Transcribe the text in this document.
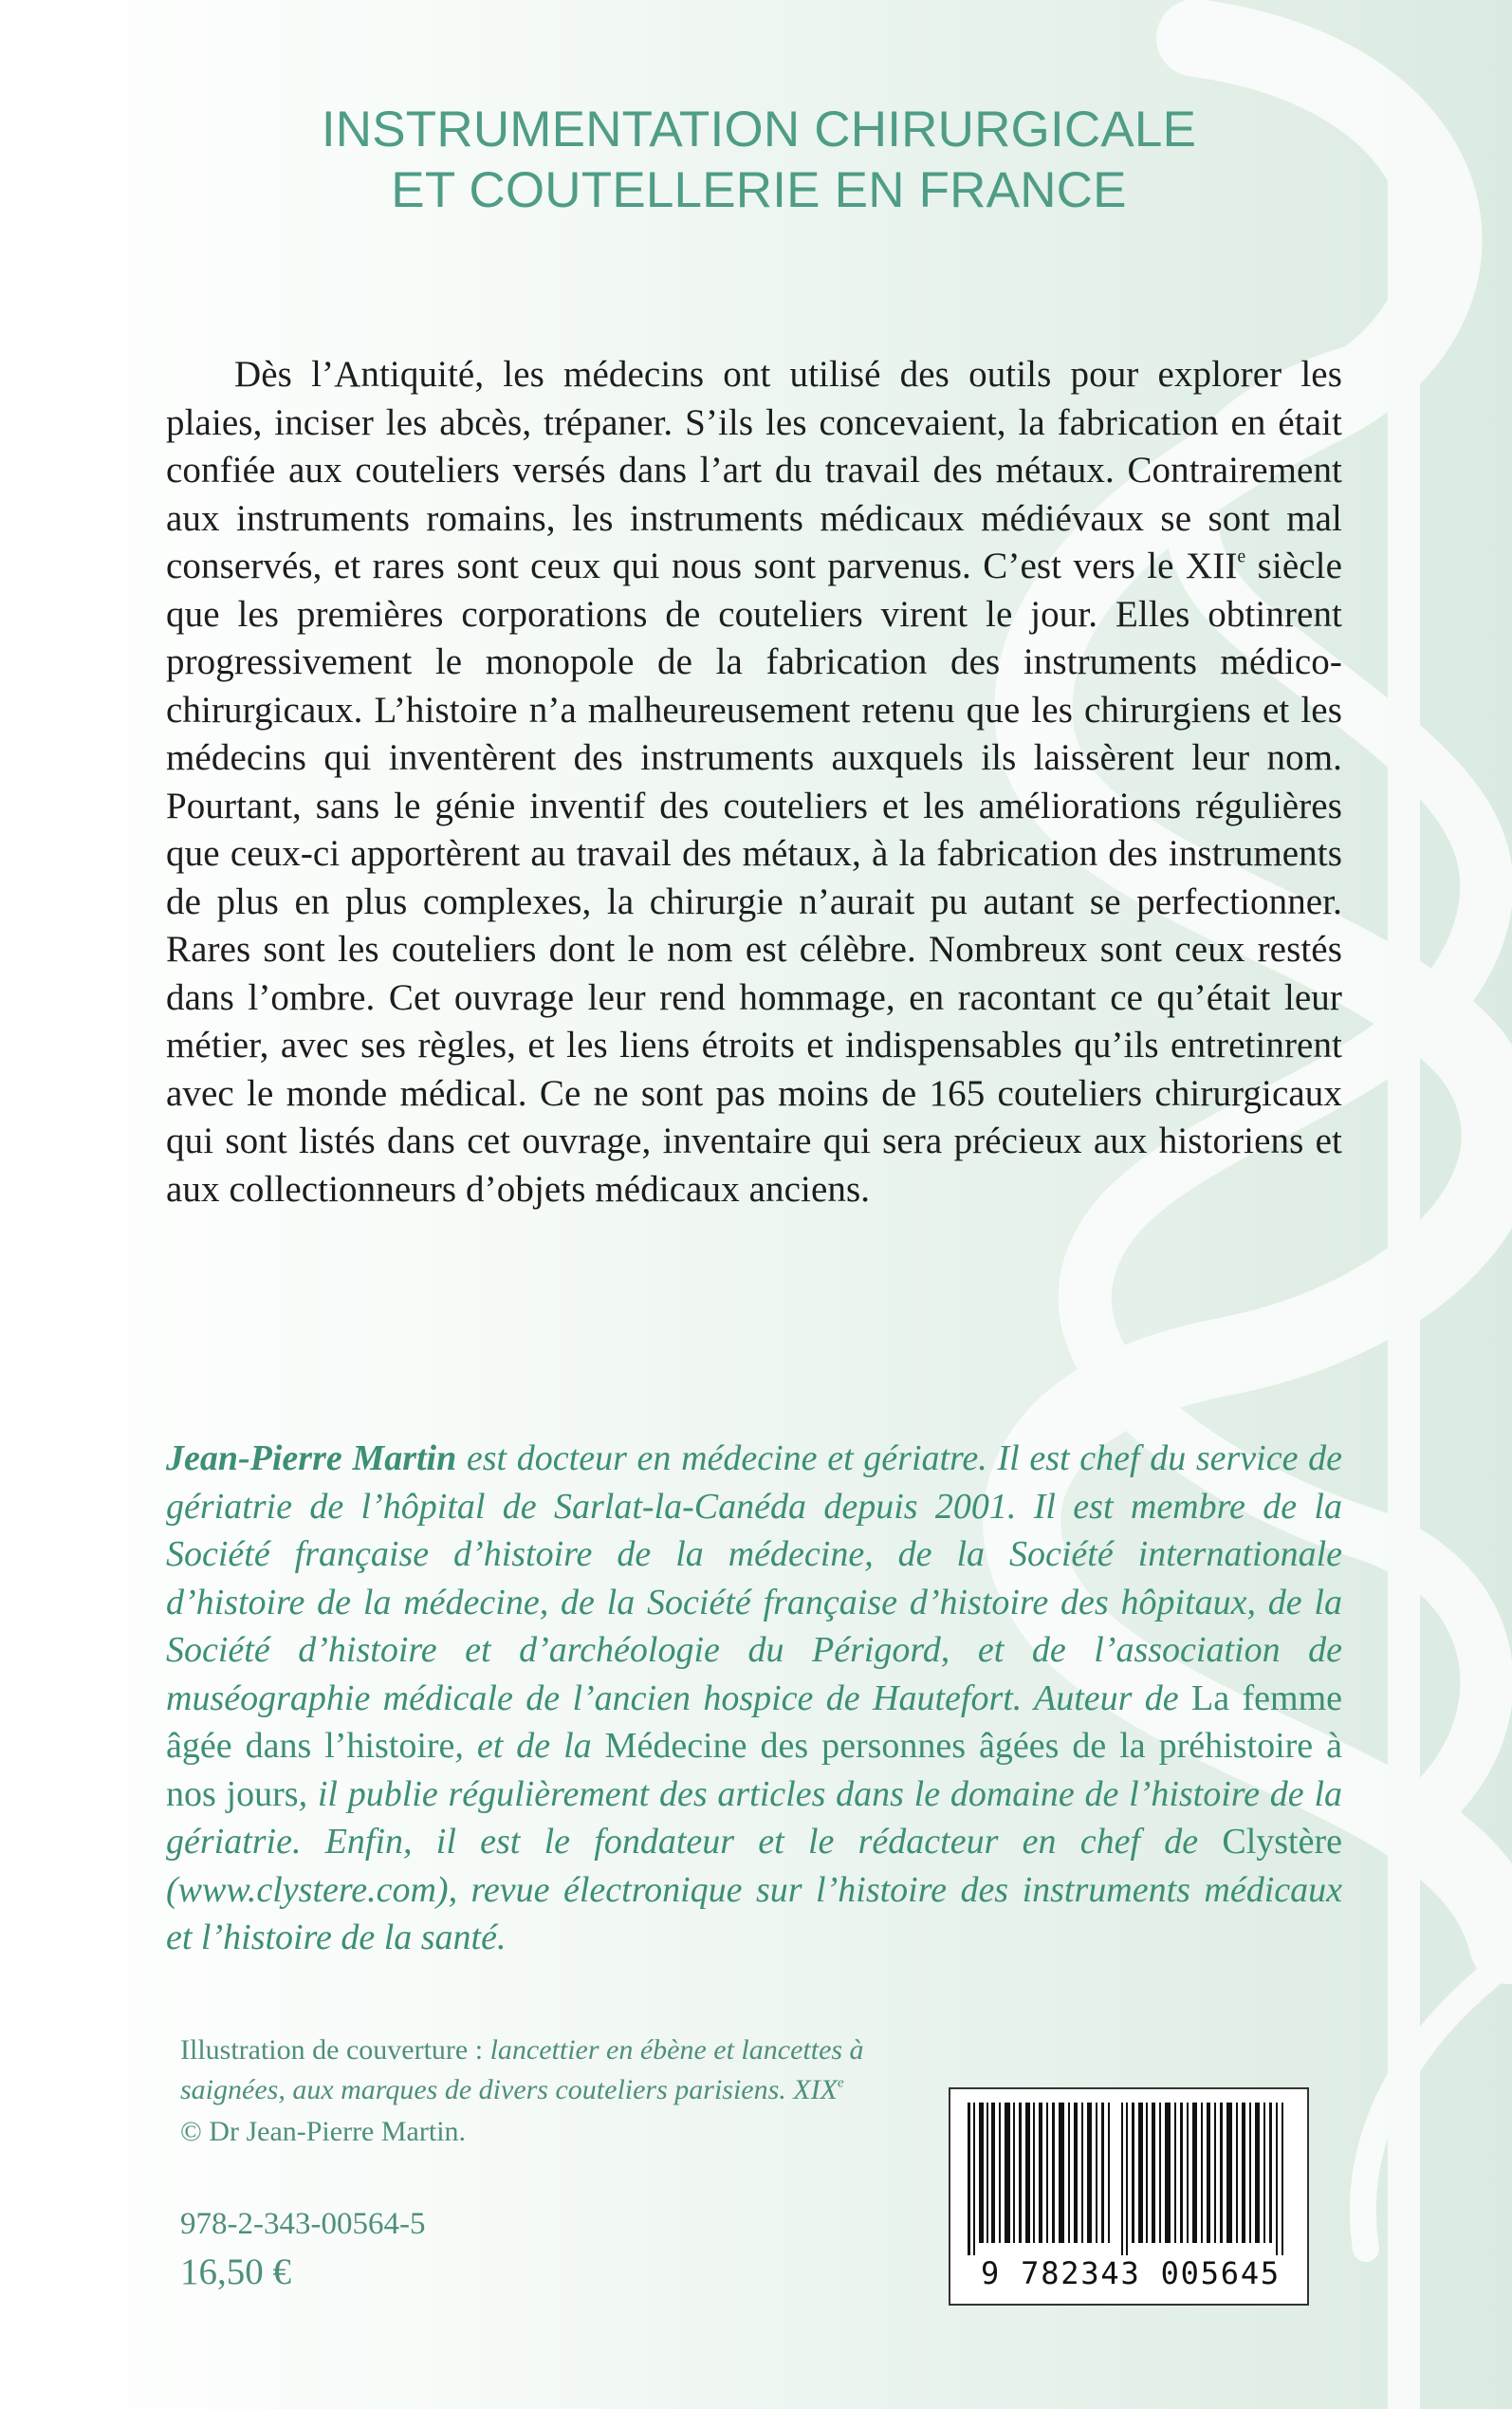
INSTRUMENTATION CHIRURGICALE
ET COUTELLERIE EN FRANCE

Dès l’Antiquité, les médecins ont utilisé des outils pour explorer les plaies, inciser les abcès, trépaner. S’ils les concevaient, la fabrication en était confiée aux couteliers versés dans l’art du travail des métaux. Contrairement aux instruments romains, les instruments médicaux médiévaux se sont mal conservés, et rares sont ceux qui nous sont parvenus. C’est vers le XIIe siècle que les premières corporations de couteliers virent le jour. Elles obtinrent progressivement le monopole de la fabrication des instruments médico-chirurgicaux. L’histoire n’a malheureusement retenu que les chirurgiens et les médecins qui inventèrent des instruments auxquels ils laissèrent leur nom. Pourtant, sans le génie inventif des couteliers et les améliorations régulières que ceux-ci apportèrent au travail des métaux, à la fabrication des instruments de plus en plus complexes, la chirurgie n’aurait pu autant se perfectionner. Rares sont les couteliers dont le nom est célèbre. Nombreux sont ceux restés dans l’ombre. Cet ouvrage leur rend hommage, en racontant ce qu’était leur métier, avec ses règles, et les liens étroits et indispensables qu’ils entretinrent avec le monde médical. Ce ne sont pas moins de 165 couteliers chirurgicaux qui sont listés dans cet ouvrage, inventaire qui sera précieux aux historiens et aux collectionneurs d’objets médicaux anciens.

Jean-Pierre Martin est docteur en médecine et gériatre. Il est chef du service de gériatrie de l’hôpital de Sarlat-la-Canéda depuis 2001. Il est membre de la Société française d’histoire de la médecine, de la Société internationale d’histoire de la médecine, de la Société française d’histoire des hôpitaux, de la Société d’histoire et d’archéologie du Périgord, et de l’association de muséographie médicale de l’ancien hospice de Hautefort. Auteur de La femme âgée dans l’histoire, et de la Médecine des personnes âgées de la préhistoire à nos jours, il publie régulièrement des articles dans le domaine de l’histoire de la gériatrie. Enfin, il est le fondateur et le rédacteur en chef de Clystère (www.clystere.com), revue électronique sur l’histoire des instruments médicaux et l’histoire de la santé.

Illustration de couverture : lancettier en ébène et lancettes à saignées, aux marques de divers couteliers parisiens. XIXe

© Dr Jean-Pierre Martin.

978-2-343-00564-5

16,50 €	9 782343 005645
